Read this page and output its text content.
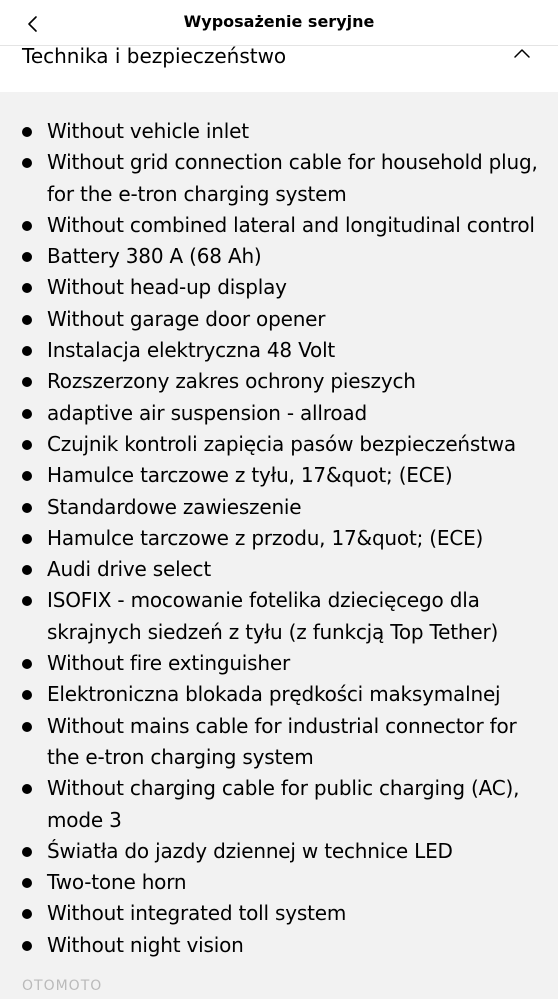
Wyposażenie seryjne
Technika i bezpieczeństwo
Without vehicle inlet
Without grid connection cable for household plug, for the e-tron charging system
Without combined lateral and longitudinal control
Battery 380 A (68 Ah)
Without head-up display
Without garage door opener
Instalacja elektryczna 48 Volt
Rozszerzony zakres ochrony pieszych
adaptive air suspension - allroad
Czujnik kontroli zapięcia pasów bezpieczeństwa
Hamulce tarczowe z tyłu, 17&quot; (ECE)
Standardowe zawieszenie
Hamulce tarczowe z przodu, 17&quot; (ECE)
Audi drive select
ISOFIX - mocowanie fotelika dziecięcego dla skrajnych siedzeń z tyłu (z funkcją Top Tether)
Without fire extinguisher
Elektroniczna blokada prędkości maksymalnej
Without mains cable for industrial connector for the e-tron charging system
Without charging cable for public charging (AC), mode 3
Światła do jazdy dziennej w technice LED
Two-tone horn
Without integrated toll system
Without night vision
OTOMOTO
